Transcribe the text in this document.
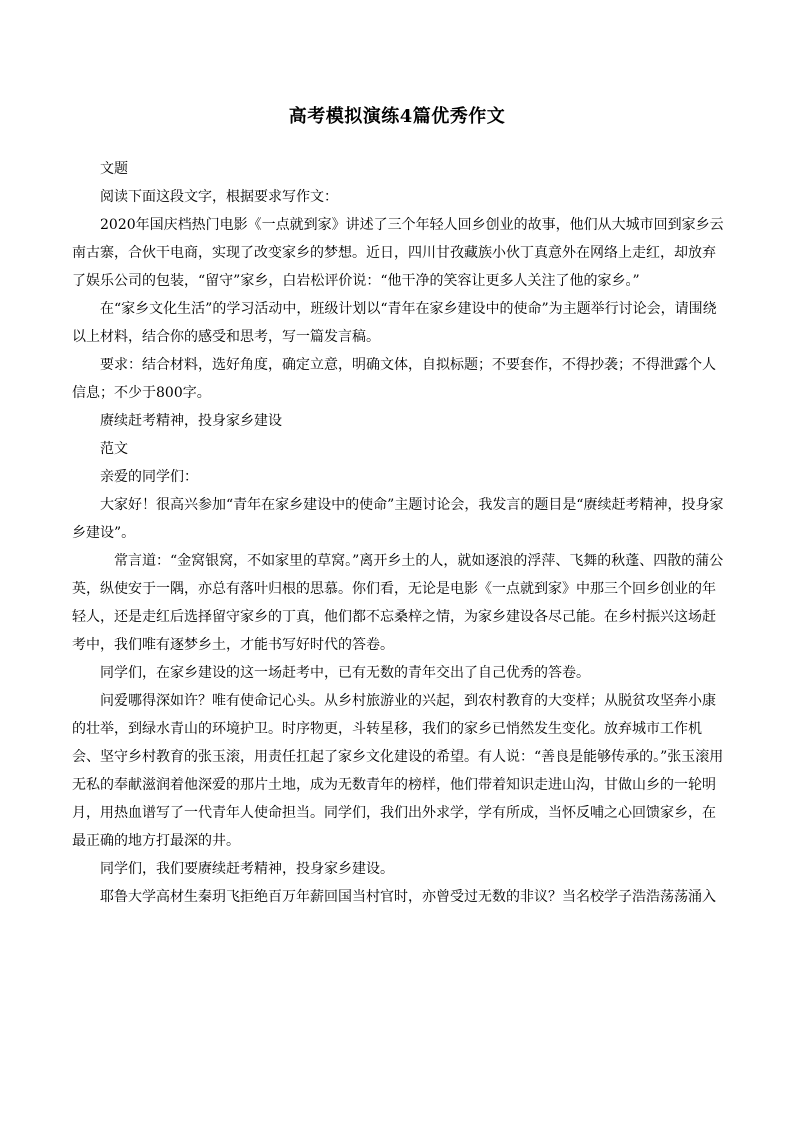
高考模拟演练4篇优秀作文

文题

阅读下面这段文字，根据要求写作文：

2020年国庆档热门电影《一点就到家》讲述了三个年轻人回乡创业的故事，他们从大城市回到家乡云南古寨，合伙干电商，实现了改变家乡的梦想。近日，四川甘孜藏族小伙丁真意外在网络上走红，却放弃了娱乐公司的包装，“留守”家乡，白岩松评价说：“他干净的笑容让更多人关注了他的家乡。”

在“家乡文化生活”的学习活动中，班级计划以“青年在家乡建设中的使命”为主题举行讨论会，请围绕以上材料，结合你的感受和思考，写一篇发言稿。

要求：结合材料，选好角度，确定立意，明确文体，自拟标题；不要套作，不得抄袭；不得泄露个人信息；不少于800字。

赓续赶考精神，投身家乡建设

范文

亲爱的同学们：

大家好！很高兴参加“青年在家乡建设中的使命”主题讨论会，我发言的题目是“赓续赶考精神，投身家乡建设”。

常言道：“金窝银窝，不如家里的草窝。”离开乡土的人，就如逐浪的浮萍、飞舞的秋蓬、四散的蒲公英，纵使安于一隅，亦总有落叶归根的思慕。你们看，无论是电影《一点就到家》中那三个回乡创业的年轻人，还是走红后选择留守家乡的丁真，他们都不忘桑梓之情，为家乡建设各尽己能。在乡村振兴这场赶考中，我们唯有逐梦乡土，才能书写好时代的答卷。

同学们，在家乡建设的这一场赶考中，已有无数的青年交出了自己优秀的答卷。

问爱哪得深如许？唯有使命记心头。从乡村旅游业的兴起，到农村教育的大变样；从脱贫攻坚奔小康的壮举，到绿水青山的环境护卫。时序物更，斗转星移，我们的家乡已悄然发生变化。放弃城市工作机会、坚守乡村教育的张玉滚，用责任扛起了家乡文化建设的希望。有人说：“善良是能够传承的。”张玉滚用无私的奉献滋润着他深爱的那片土地，成为无数青年的榜样，他们带着知识走进山沟，甘做山乡的一轮明月，用热血谱写了一代青年人使命担当。同学们，我们出外求学，学有所成，当怀反哺之心回馈家乡，在最正确的地方打最深的井。

同学们，我们要赓续赶考精神，投身家乡建设。

耶鲁大学高材生秦玥飞拒绝百万年薪回国当村官时，亦曾受过无数的非议？当名校学子浩浩荡荡涌入
